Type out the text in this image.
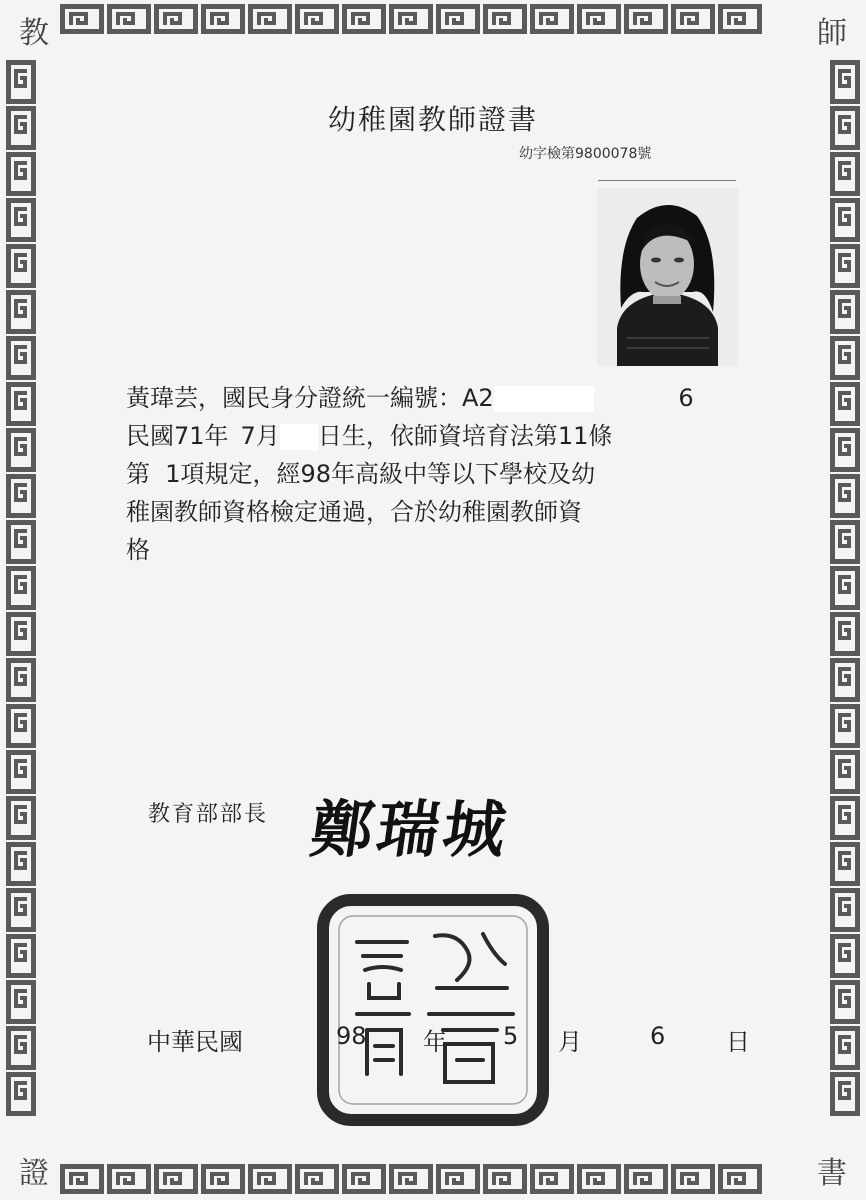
教	師
證	書
幼稚園教師證書
幼字檢第9800078號
黃瑋芸，國民身分證統一編號：A2	6
民國71年 7月 日生，依師資培育法第11條
第  1項規定，經98年高級中等以下學校及幼
稚園教師資格檢定通過，合於幼稚園教師資
格
教育部部長 鄭瑞城
中華民國	98 年 5 月	6	日
